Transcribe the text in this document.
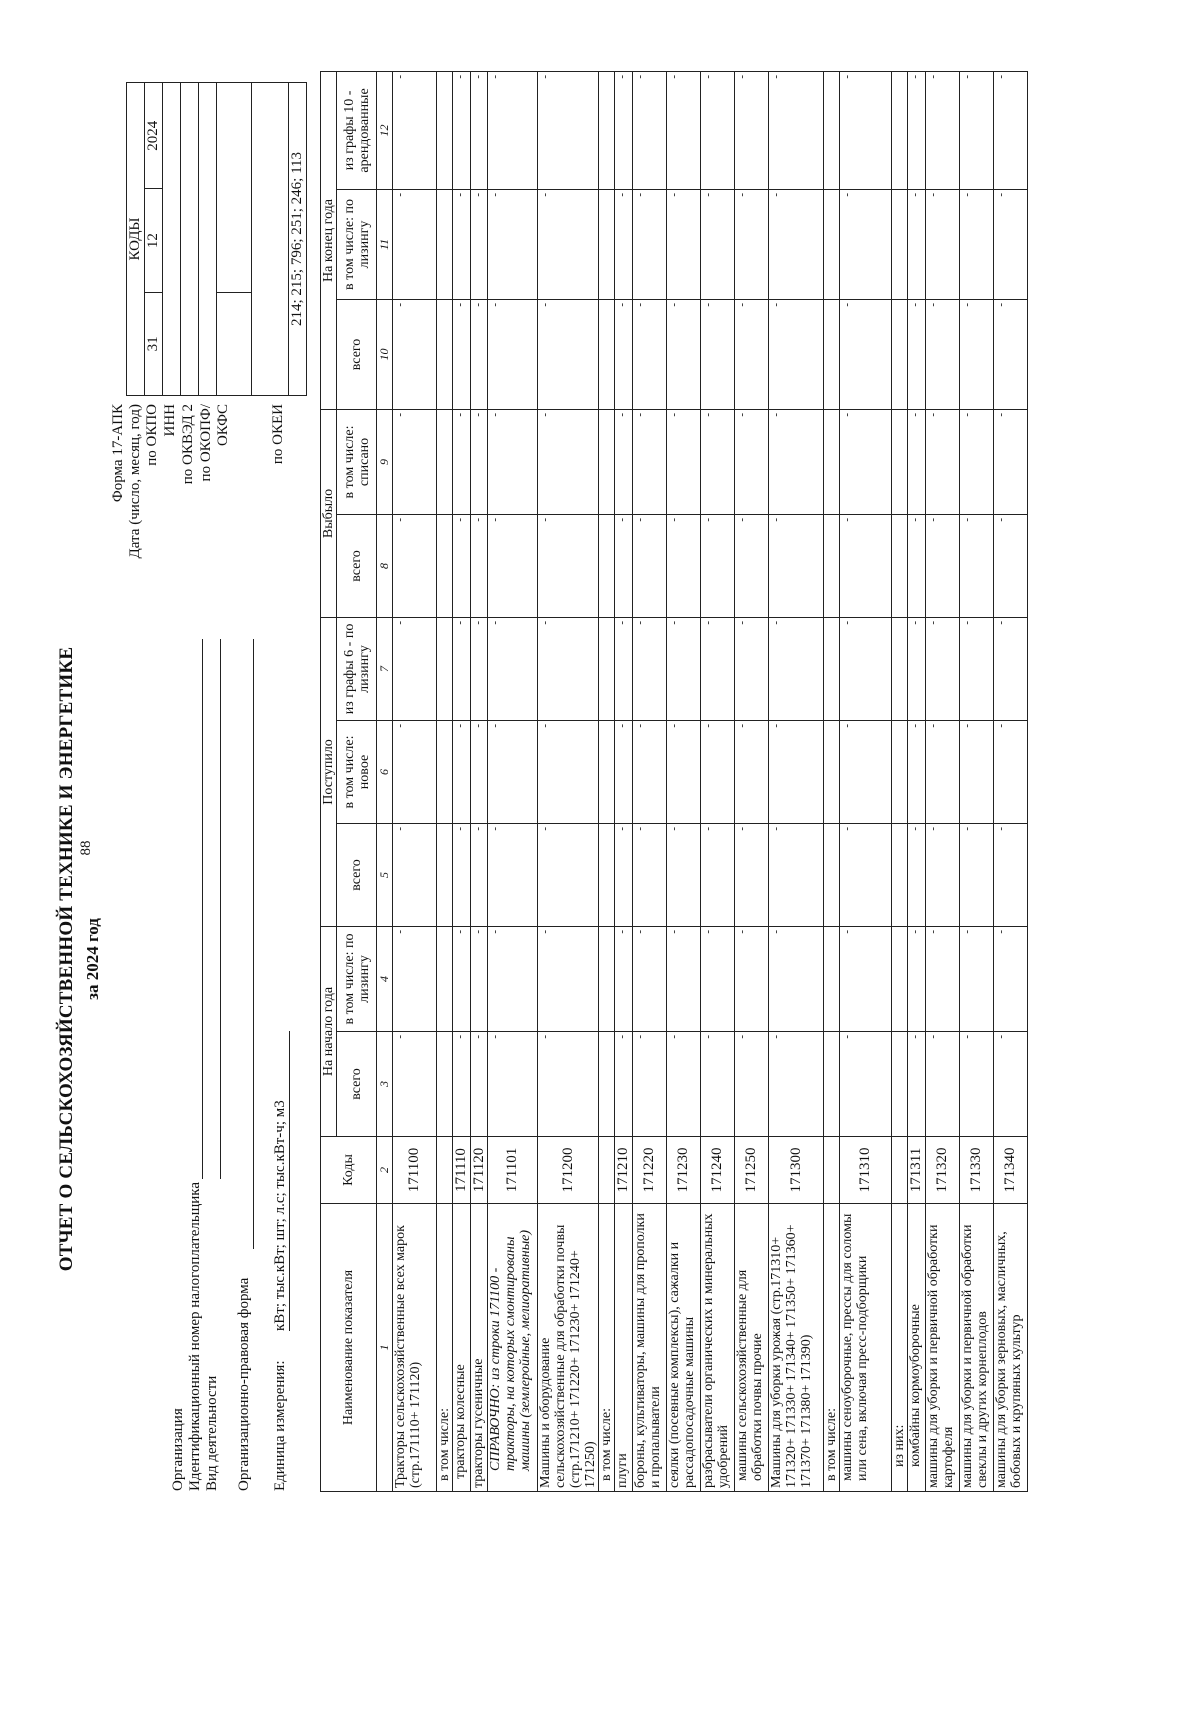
88
ОТЧЕТ О СЕЛЬСКОХОЗЯЙСТВЕННОЙ ТЕХНИКЕ И ЭНЕРГЕТИКЕ за 2024 год
Форма 17-АПК Дата (число, месяц, год) по ОКПО ИНН по ОКВЭД 2 по ОКОПФ/ ОКФС	по ОКЕИ
КОДЫ		
31	12	2024

214; 215; 796; 251; 246; 113		
Организация Идентификационный номер налогоплательщика Вид деятельности Организационно-правовая форма Единица измерения:
кВт; тыс.кВт; шт; л.с; тыс.кВт-ч; м3
Наименование показателя	Коды	На начало года		Поступило			Выбыло		На конец года		
		всего	в том числе: по лизингу	всего	в том числе: новое	из графы 6 - по лизингу	всего	в том числе: списано	всего	в том числе: по лизингу	из графы 10 - арендованные
1	2	3	4	5	6	7	8	9	10	11	12
Тракторы сельскохозяйственные всех марок (стр.171110+ 171120)	171100	-	-	-	-	-	-	-	-	-	-
в том числе:											
тракторы колесные	171110	-	-	-	-	-	-	-	-	-	-
тракторы гусеничные	171120	-	-	-	-	-	-	-	-	-	-
СПРАВОЧНО: из строки 171100 - тракторы, на которых смонтированы машины (землеройные, мелиоративные)	171101	-	-	-	-	-	-	-	-	-	-
Машины и оборудование сельскохозяйственные для обработки почвы (стр.171210+ 171220+ 171230+ 171240+ 171250)	171200	-	-	-	-	-	-	-	-	-	-
в том числе:											
плуги	171210	-	-	-	-	-	-	-	-	-	-
бороны, культиваторы, машины для прополки и пропалыватели	171220	-	-	-	-	-	-	-	-	-	-
сеялки (посевные комплексы), сажалки и рассадопосадочные машины	171230	-	-	-	-	-	-	-	-	-	-
разбрасыватели органических и минеральных удобрений	171240	-	-	-	-	-	-	-	-	-	-
машины сельскохозяйственные для обработки почвы прочие	171250	-	-	-	-	-	-	-	-	-	-
Машины для уборки урожая (стр.171310+ 171320+ 171330+ 171340+ 171350+ 171360+ 171370+ 171380+ 171390)	171300	-	-	-	-	-	-	-	-	-	-
в том числе:											
машины сеноуборочные, прессы для соломы или сена, включая пресс-подборщики	171310	-	-	-	-	-	-	-	-	-	-
из них:											
комбайны кормоуборочные	171311	-	-	-	-	-	-	-	-	-	-
машины для уборки и первичной обработки картофеля	171320	-	-	-	-	-	-	-	-	-	-
машины для уборки и первичной обработки свеклы и других корнеплодов	171330	-	-	-	-	-	-	-	-	-	-
машины для уборки зерновых, масличных, бобовых и крупяных культур	171340	-	-	-	-	-	-	-	-	-	-
